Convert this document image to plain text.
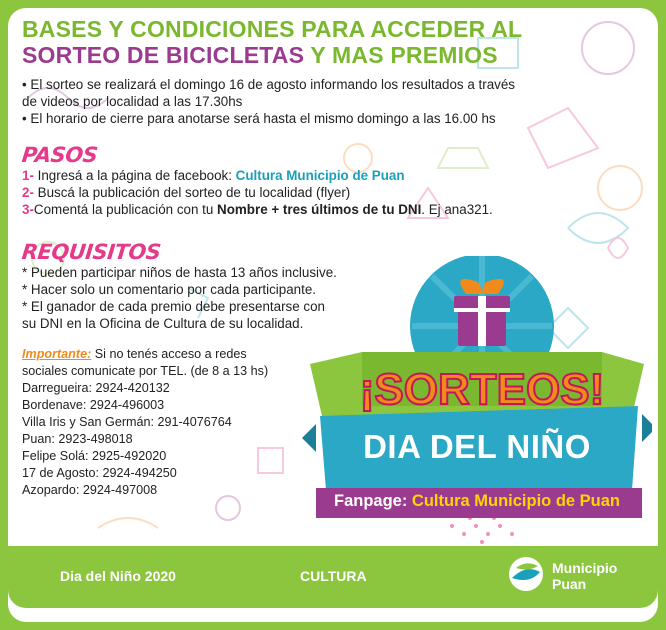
BASES Y CONDICIONES PARA ACCEDER AL
SORTEO DE BICICLETAS Y MAS PREMIOS
• El sorteo se realizará el domingo 16 de agosto informando los resultados a través
de videos por localidad a las 17.30hs
• El horario de cierre para anotarse será hasta el mismo domingo a las 16.00 hs
PASOS
1- Ingresá a la página de facebook: Cultura Municipio de Puan
2- Buscá la publicación del sorteo de tu localidad (flyer)
3-Comentá la publicación con tu Nombre + tres últimos de tu DNI. Ej ana321.
REQUISITOS
* Pueden participar niños de hasta 13 años inclusive.
* Hacer solo un comentario por cada participante.
* El ganador de cada premio debe presentarse con
su DNI en la Oficina de Cultura de su localidad.
Importante: Si no tenés acceso a redes
sociales comunicate por TEL. (de 8 a 13 hs)
Darregueira: 2924-420132
Bordenave: 2924-496003
Villa Iris y San Germán: 291-4076764
Puan: 2923-498018
Felipe Solá: 2925-492020
17 de Agosto: 2924-494250
Azopardo: 2924-497008
¡SORTEOS!
DIA DEL NIÑO
Fanpage: Cultura Municipio de Puan
Dia del Niño 2020	CULTURA	Municipio
Puan
